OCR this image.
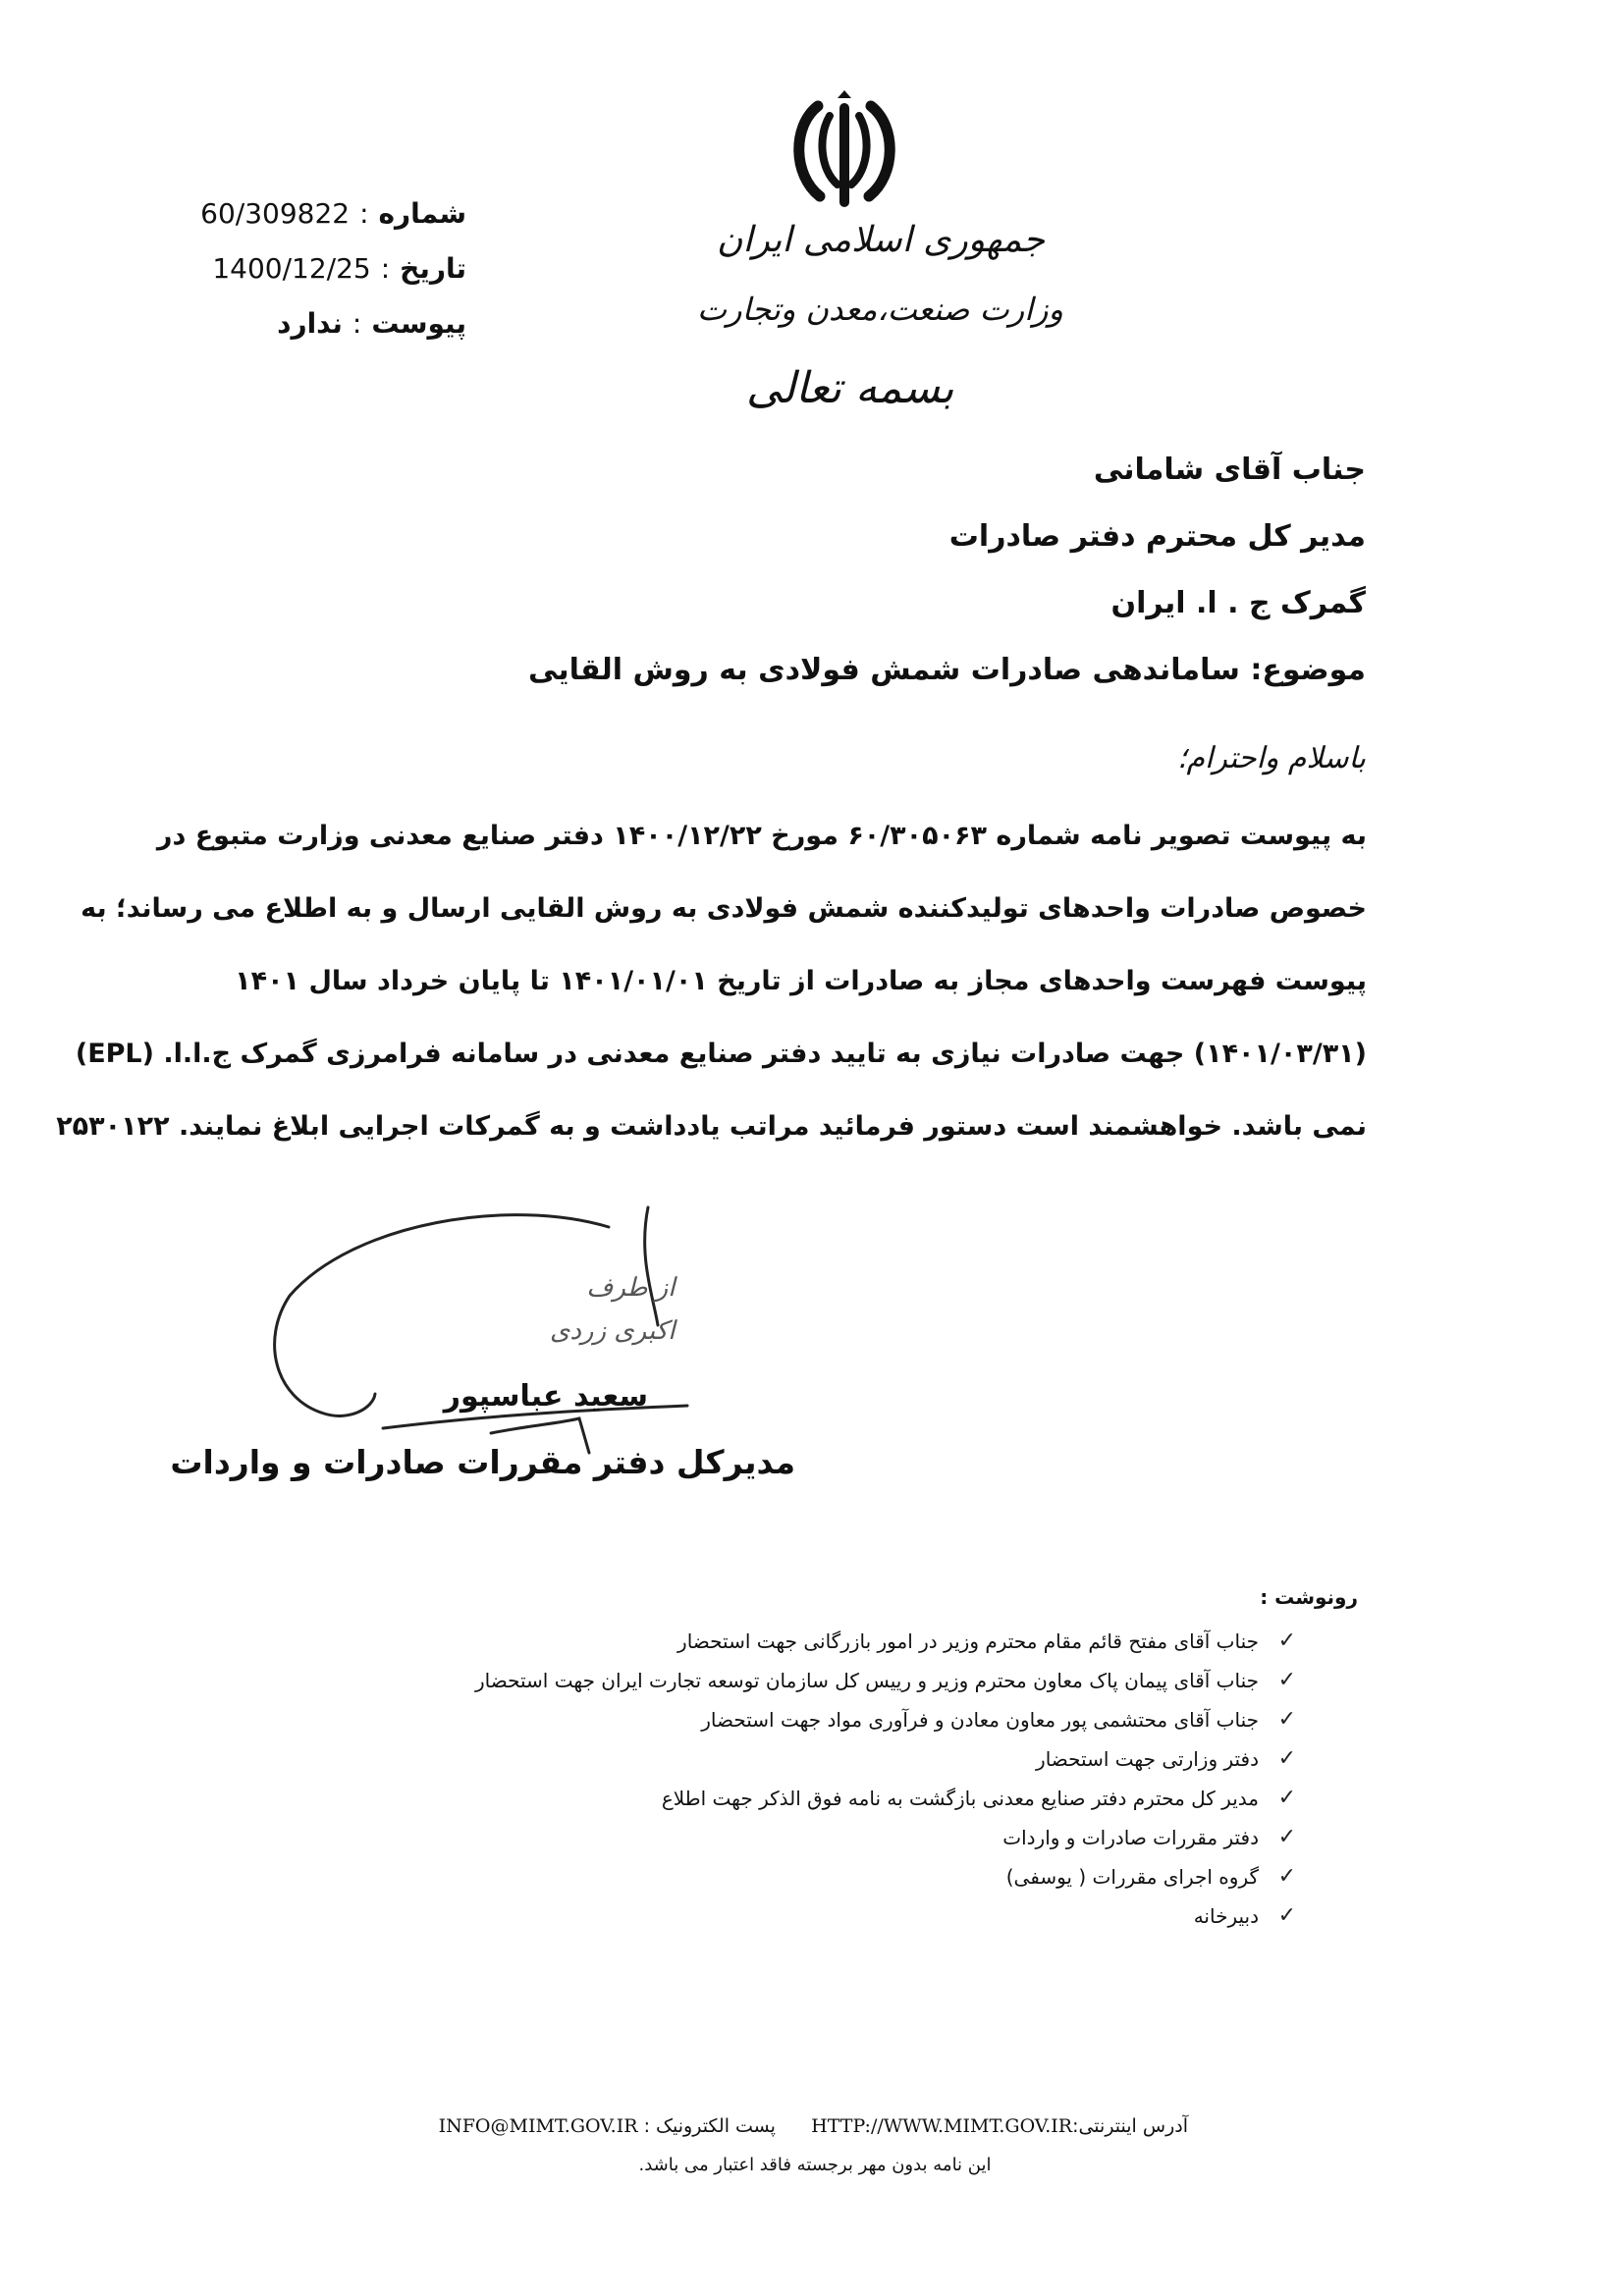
شماره
:
60/309822
تاریخ
:
1400/12/25
پیوست
:
ندارد
جمهوری اسلامی ایران
وزارت صنعت،معدن وتجارت
بسمه تعالی
جناب آقای شامانی
مدیر کل محترم دفتر صادرات
گمرک ج . ا. ایران
موضوع: ساماندهی صادرات شمش فولادی به روش القایی
باسلام واحترام؛
به پیوست تصویر نامه شماره ۶۰/۳۰۵۰۶۳ مورخ ۱۴۰۰/۱۲/۲۲ دفتر صنایع معدنی وزارت متبوع در
خصوص صادرات واحدهای تولیدکننده شمش فولادی به روش القایی ارسال و به اطلاع می رساند؛ به
پیوست فهرست واحدهای مجاز به صادرات از تاریخ ۱۴۰۱/۰۱/۰۱ تا پایان خرداد سال ۱۴۰۱
(۱۴۰۱/۰۳/۳۱) جهت صادرات نیازی به تایید دفتر صنایع معدنی در سامانه فرامرزی گمرک ج.ا.ا. (EPL)
نمی باشد. خواهشمند است دستور فرمائید مراتب یادداشت و به گمرکات اجرایی ابلاغ نمایند. ۲۵۳۰۱۲۲
از طرف
اکبری زردی
سعید عباسپور
مدیرکل دفتر مقررات صادرات و واردات
رونوشت :
✓
جناب آقای مفتح قائم مقام محترم وزیر در امور بازرگانی جهت استحضار
✓
جناب آقای پیمان پاک معاون محترم وزیر و رییس کل سازمان توسعه تجارت ایران جهت استحضار
✓
جناب آقای محتشمی پور معاون معادن و فرآوری مواد جهت استحضار
✓
دفتر وزارتی جهت استحضار
✓
مدیر کل محترم دفتر صنایع معدنی بازگشت به نامه فوق الذکر جهت اطلاع
✓
دفتر مقررات صادرات و واردات
✓
گروه اجرای مقررات ( یوسفی)
✓
دبیرخانه
آدرس اینترنتی:HTTP://WWW.MIMT.GOV.IR      پست الکترونیک : INFO@MIMT.GOV.IR
این نامه بدون مهر برجسته فاقد اعتبار می باشد.
